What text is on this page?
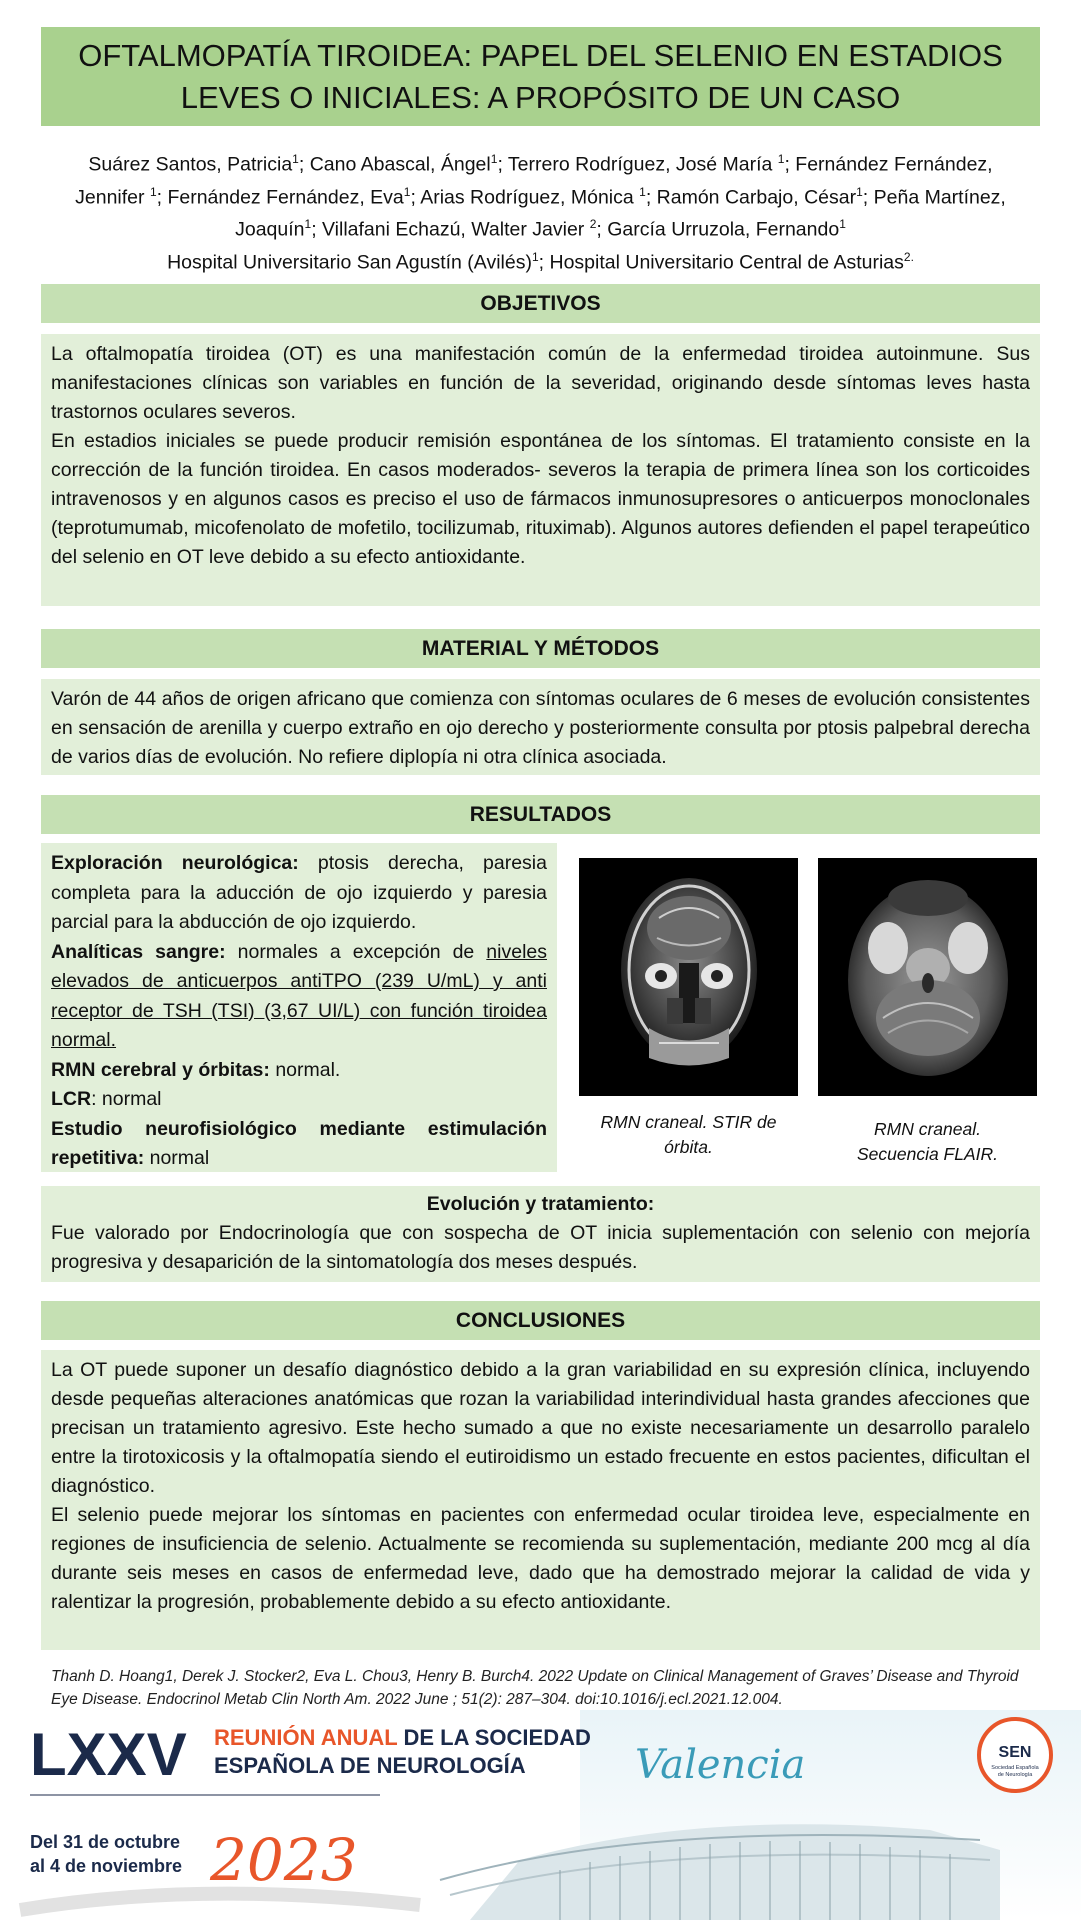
OFTALMOPATÍA TIROIDEA: PAPEL DEL SELENIO EN ESTADIOS
LEVES O INICIALES: A PROPÓSITO DE UN CASO
Suárez Santos, Patricia$^1$; Cano Abascal, Ángel$^1$; Terrero Rodríguez, José María $^1$; Fernández Fernández, Jennifer $^1$; Fernández Fernández, Eva$^1$; Arias Rodríguez, Mónica $^1$; Ramón Carbajo, César$^1$; Peña Martínez, Joaquín$^1$; Villafani Echazú, Walter Javier $^2$; García Urruzola, Fernando$^1$
Hospital Universitario San Agustín (Avilés)$^1$; Hospital Universitario Central de Asturias$^{2.}$
OBJETIVOS

La oftalmopatía tiroidea (OT) es una manifestación común de la enfermedad tiroidea autoinmune. Sus manifestaciones clínicas son variables en función de la severidad, originando desde síntomas leves hasta trastornos oculares severos.

En estadios iniciales se puede producir remisión espontánea de los síntomas. El tratamiento consiste en la corrección de la función tiroidea. En casos moderados- severos la terapia de primera línea son los corticoides intravenosos y en algunos casos es preciso el uso de fármacos inmunosupresores o anticuerpos monoclonales (teprotumumab, micofenolato de mofetilo, tocilizumab, rituximab). Algunos autores defienden el papel terapeútico del selenio en OT leve debido a su efecto antioxidante.

MATERIAL Y MÉTODOS

Varón de 44 años de origen africano que comienza con síntomas oculares de 6 meses de evolución consistentes en sensación de arenilla y cuerpo extraño en ojo derecho y posteriormente consulta por ptosis palpebral derecha de varios días de evolución. No refiere diplopía ni otra clínica asociada.

RESULTADOS

Exploración neurológica: ptosis derecha, paresia completa para la aducción de ojo izquierdo y paresia parcial para la abducción de ojo izquierdo.

Analíticas sangre: normales a excepción de niveles elevados de anticuerpos antiTPO (239 U/mL) y anti receptor de TSH (TSI) (3,67 UI/L) con función tiroidea normal.

RMN cerebral y órbitas: normal.

LCR: normal

Estudio neurofisiológico mediante estimulación repetitiva: normal

RMN craneal. STIR de órbita.
RMN craneal. Secuencia FLAIR.

Evolución y tratamiento:

Fue valorado por Endocrinología que con sospecha de OT inicia suplementación con selenio con mejoría progresiva y desaparición de la sintomatología dos meses después.

CONCLUSIONES

La OT puede suponer un desafío diagnóstico debido a la gran variabilidad en su expresión clínica, incluyendo desde pequeñas alteraciones anatómicas que rozan la variabilidad interindividual hasta grandes afecciones que precisan un tratamiento agresivo. Este hecho sumado a que no existe necesariamente un desarrollo paralelo entre la tirotoxicosis y la oftalmopatía siendo el eutiroidismo un estado frecuente en estos pacientes, dificultan el diagnóstico.

El selenio puede mejorar los síntomas en pacientes con enfermedad ocular tiroidea leve, especialmente en regiones de insuficiencia de selenio. Actualmente se recomienda su suplementación, mediante 200 mcg al día durante seis meses en casos de enfermedad leve, dado que ha demostrado mejorar la calidad de vida y ralentizar la progresión, probablemente debido a su efecto antioxidante.

Thanh D. Hoang1, Derek J. Stocker2, Eva L. Chou3, Henry B. Burch4. 2022 Update on Clinical Management of Graves’ Disease and Thyroid Eye Disease. Endocrinol Metab Clin North Am. 2022 June ; 51(2): 287–304. doi:10.1016/j.ecl.2021.12.004.
LXXV REUNIÓN ANUAL DE LA SOCIEDAD
ESPAÑOLA DE NEUROLOGÍA	Valencia
Del 31 de octubre
al 4 de noviembre 2023
SEN
Sociedad Española
de Neurología
